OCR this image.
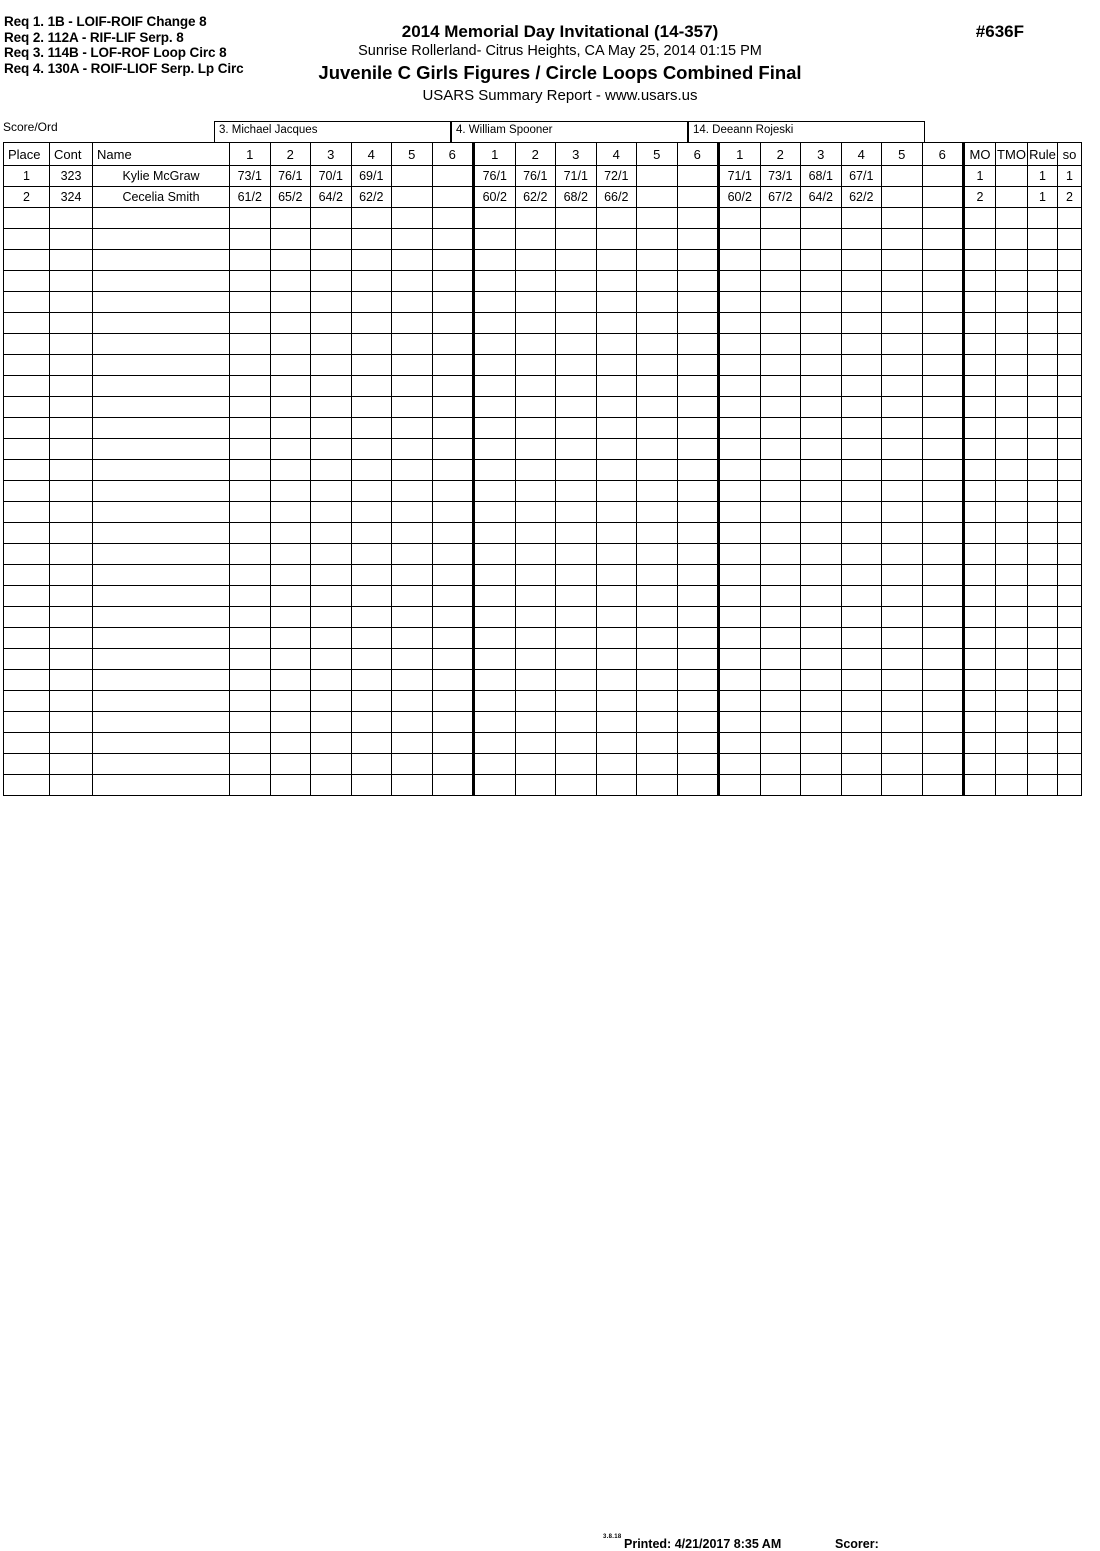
Req 1. 1B - LOIF-ROIF Change 8
Req 2. 112A - RIF-LIF Serp. 8
Req 3. 114B - LOF-ROF Loop Circ 8
Req 4. 130A - ROIF-LIOF Serp. Lp Circ
2014 Memorial Day Invitational (14-357)
Sunrise Rollerland- Citrus Heights, CA May 25, 2014 01:15 PM
Juvenile C Girls Figures / Circle Loops Combined Final
USARS Summary Report - www.usars.us
#636F
Score/Ord	3. Michael Jacques	4. William Spooner	14. Deeann Rojeski
Place	Cont	Name	1	2	3	4	5	6	1	2	3	4	5	6	1	2	3	4	5	6	MO	TMO	Rule	so
1	323	Kylie McGraw	73/1	76/1	70/1	69/1			76/1	76/1	71/1	72/1			71/1	73/1	68/1	67/1			1		1	1
2	324	Cecelia Smith	61/2	65/2	64/2	62/2			60/2	62/2	68/2	66/2			60/2	67/2	64/2	62/2			2		1	2

3.8.18 Printed: 4/21/2017 8:35 AM	Scorer:
